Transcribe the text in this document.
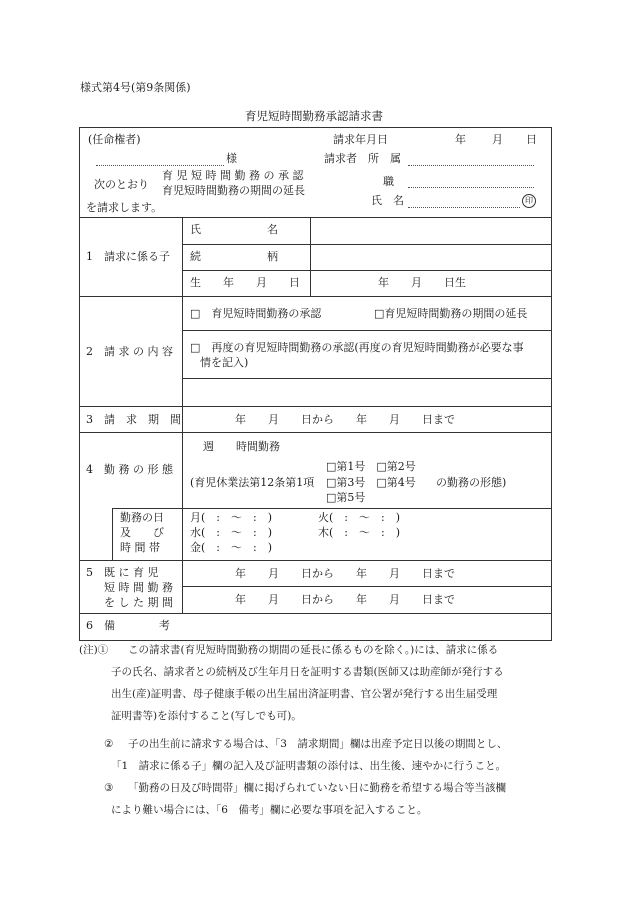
様式第4号(第9条関係)
育児短時間勤務承認請求書
(任命権者)	請求年月日	年 月 日
様	請求者 所　属
次のとおり
育 児 短 時 間 勤 務 の 承 認
育児短時間勤務の期間の延長
職
を請求します。
氏　名	印
1　請求に係る子
氏　　　　　　名
続　　　　　　柄
生　　年　　月　　日	年　　月　　日生
2　請 求 の 内 容
□　育児短時間勤務の承認	□育児短時間勤務の期間の延長
□　再度の育児短時間勤務の承認(再度の育児短時間勤務が必要な事
情を記入)
3　請　求　期　間	年　　月　　日から　　年　　月　　日まで
4　勤 務 の 形 態
週　　時間勤務
□第1号　□第2号
(育児休業法第12条第1項 □第3号　□第4号 の勤務の形態)
□第5号
勤務の日
及　　び
時 間 帯
月(　:　〜　:　)	火(　:　〜　:　)
水(　:　〜　:　)	木(　:　〜　:　)
金(　:　〜　:　)
5　既 に 育 児
短 時 間 勤 務
を し た 期 間
年　　月　　日から　　年　　月　　日まで
年　　月　　日から　　年　　月　　日まで
6　備　　　　考
(注)① この請求書(育児短時間勤務の期間の延長に係るものを除く。)には、請求に係る
子の氏名、請求者との続柄及び生年月日を証明する書類(医師又は助産師が発行する
出生(産)証明書、母子健康手帳の出生届出済証明書、官公署が発行する出生届受理
証明書等)を添付すること(写しでも可)。
② 子の出生前に請求する場合は、「3　請求期間」欄は出産予定日以後の期間とし、
「1　請求に係る子」欄の記入及び証明書類の添付は、出生後、速やかに行うこと。
③ 「勤務の日及び時間帯」欄に掲げられていない日に勤務を希望する場合等当該欄
により難い場合には、「6　備考」欄に必要な事項を記入すること。
